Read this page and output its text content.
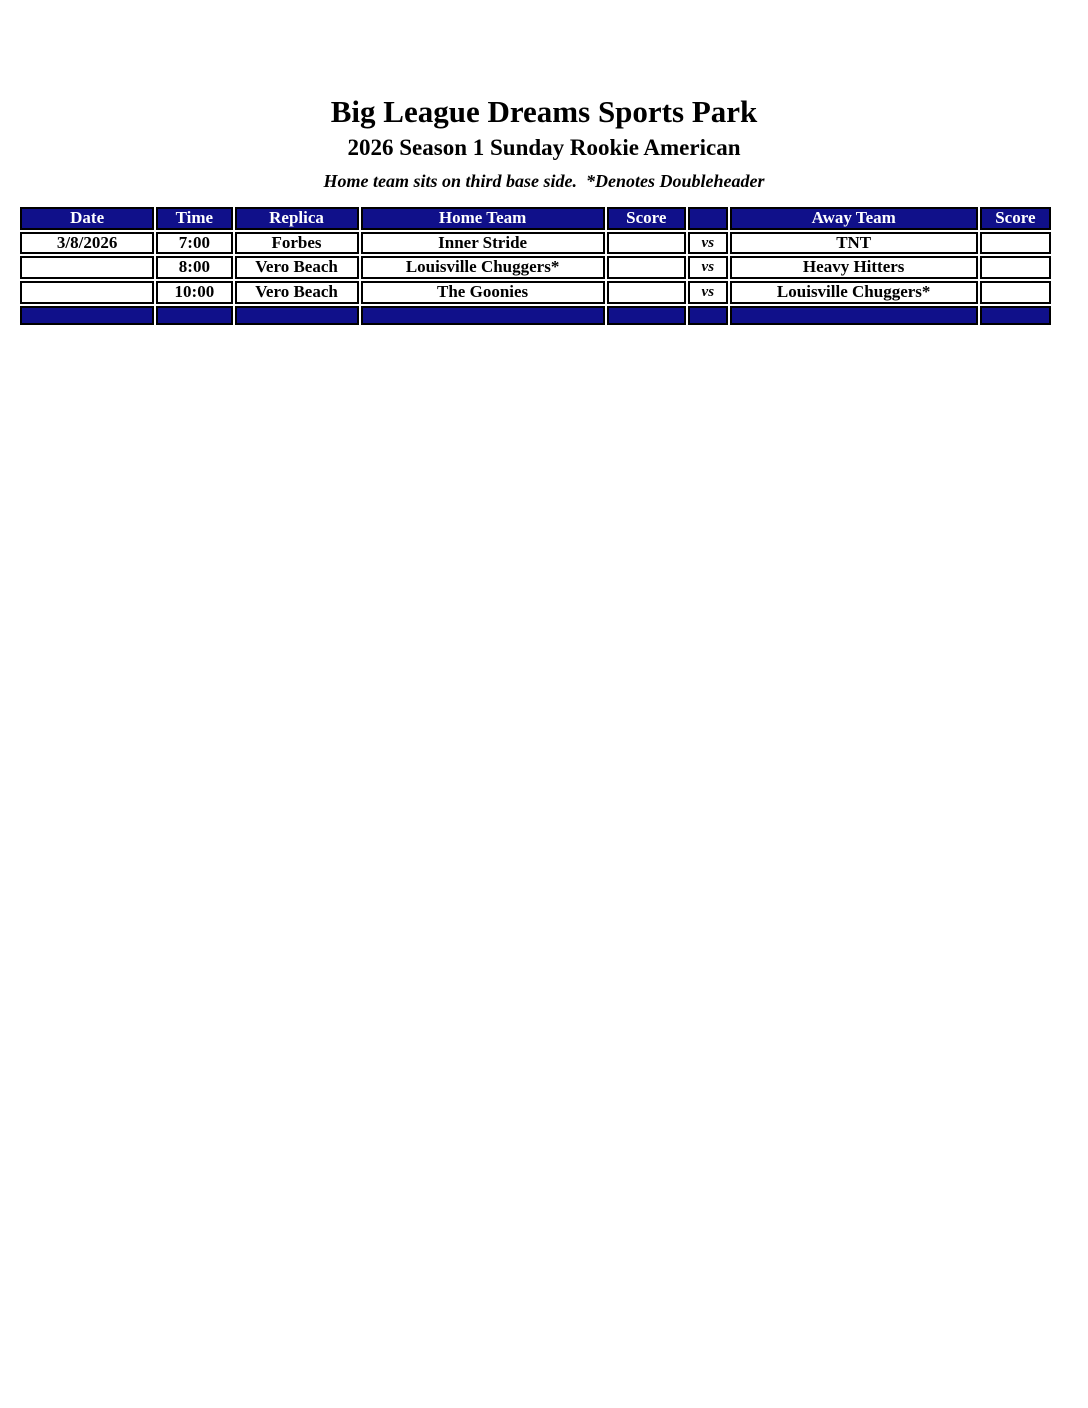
Big League Dreams Sports Park
2026 Season 1 Sunday Rookie American
Home team sits on third base side.  *Denotes Doubleheader
Date	Time	Replica	Home Team	Score		Away Team	Score
3/8/2026	7:00	Forbes	Inner Stride		vs	TNT	
	8:00	Vero Beach	Louisville Chuggers*		vs	Heavy Hitters	
	10:00	Vero Beach	The Goonies		vs	Louisville Chuggers*	
